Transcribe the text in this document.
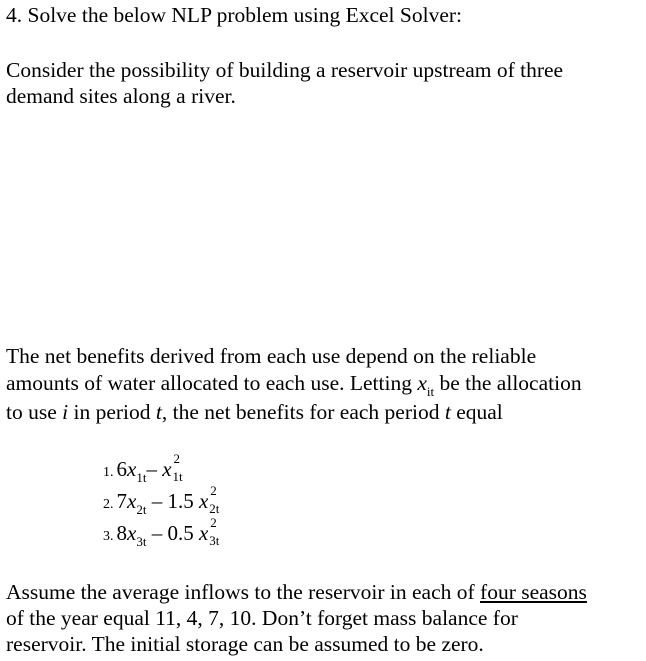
4. Solve the below NLP problem using Excel Solver:
Consider the possibility of building a reservoir upstream of three
demand sites along a river.
The net benefits derived from each use depend on the reliable
amounts of water allocated to each use. Letting $x_{it}$ be the allocation
to use i in period t, the net benefits for each period t equal
1. $6x_{1t}-$ x 1t
2
2. $7x_{2t} - 1.5$ x 2t
2
3. $8x_{3t} - 0.5$ x 3t
2
Assume the average inflows to the reservoir in each of four seasons
of the year equal 11, 4, 7, 10. Don’t forget mass balance for
reservoir. The initial storage can be assumed to be zero.
